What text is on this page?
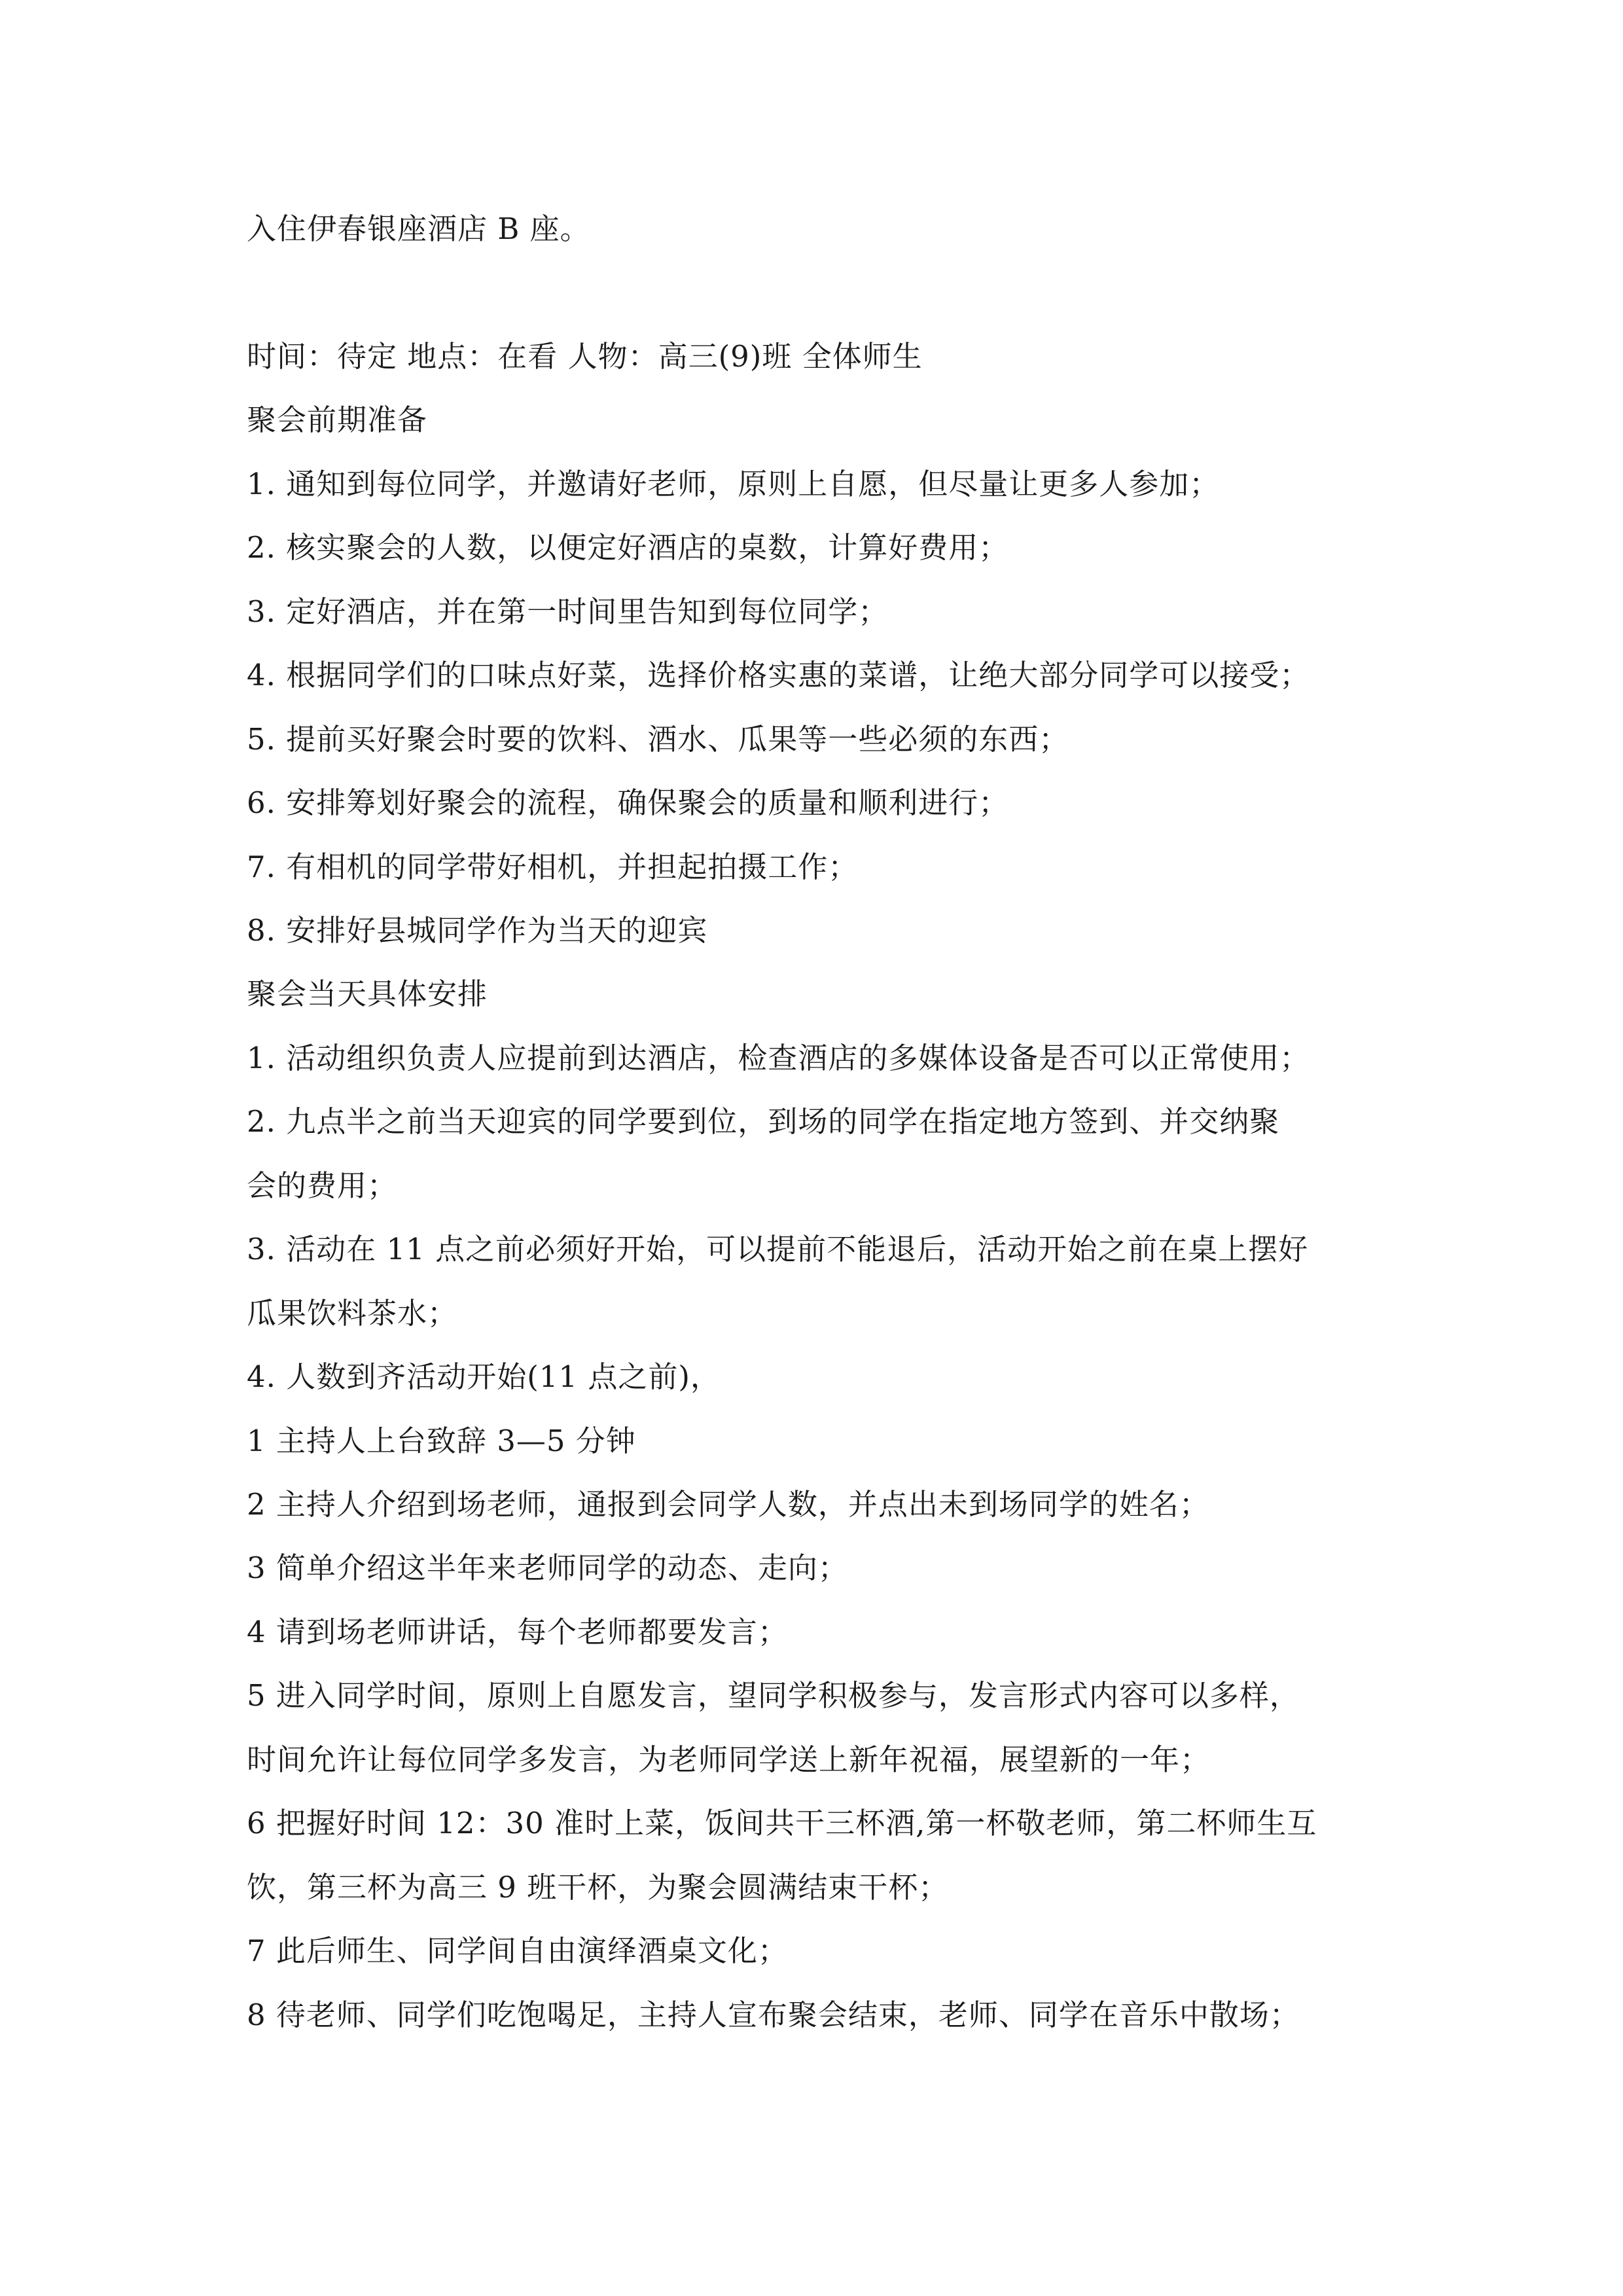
入住伊春银座酒店 B 座。
时间：待定 地点：在看 人物：高三(9)班 全体师生
聚会前期准备
1. 通知到每位同学，并邀请好老师，原则上自愿，但尽量让更多人参加；
2. 核实聚会的人数，以便定好酒店的桌数，计算好费用；
3. 定好酒店，并在第一时间里告知到每位同学；
4. 根据同学们的口味点好菜，选择价格实惠的菜谱，让绝大部分同学可以接受；
5. 提前买好聚会时要的饮料、酒水、瓜果等一些必须的东西；
6. 安排筹划好聚会的流程，确保聚会的质量和顺利进行；
7. 有相机的同学带好相机，并担起拍摄工作；
8. 安排好县城同学作为当天的迎宾
聚会当天具体安排
1. 活动组织负责人应提前到达酒店，检查酒店的多媒体设备是否可以正常使用；
2. 九点半之前当天迎宾的同学要到位，到场的同学在指定地方签到、并交纳聚
会的费用；
3. 活动在 11 点之前必须好开始，可以提前不能退后，活动开始之前在桌上摆好
瓜果饮料茶水；
4. 人数到齐活动开始(11 点之前)，
1 主持人上台致辞 3—5 分钟
2 主持人介绍到场老师，通报到会同学人数，并点出未到场同学的姓名；
3 简单介绍这半年来老师同学的动态、走向；
4 请到场老师讲话，每个老师都要发言；
5 进入同学时间，原则上自愿发言，望同学积极参与，发言形式内容可以多样，
时间允许让每位同学多发言，为老师同学送上新年祝福，展望新的一年；
6 把握好时间 12：30 准时上菜，饭间共干三杯酒,第一杯敬老师，第二杯师生互
饮，第三杯为高三 9 班干杯，为聚会圆满结束干杯；
7 此后师生、同学间自由演绎酒桌文化；
8 待老师、同学们吃饱喝足，主持人宣布聚会结束，老师、同学在音乐中散场；
